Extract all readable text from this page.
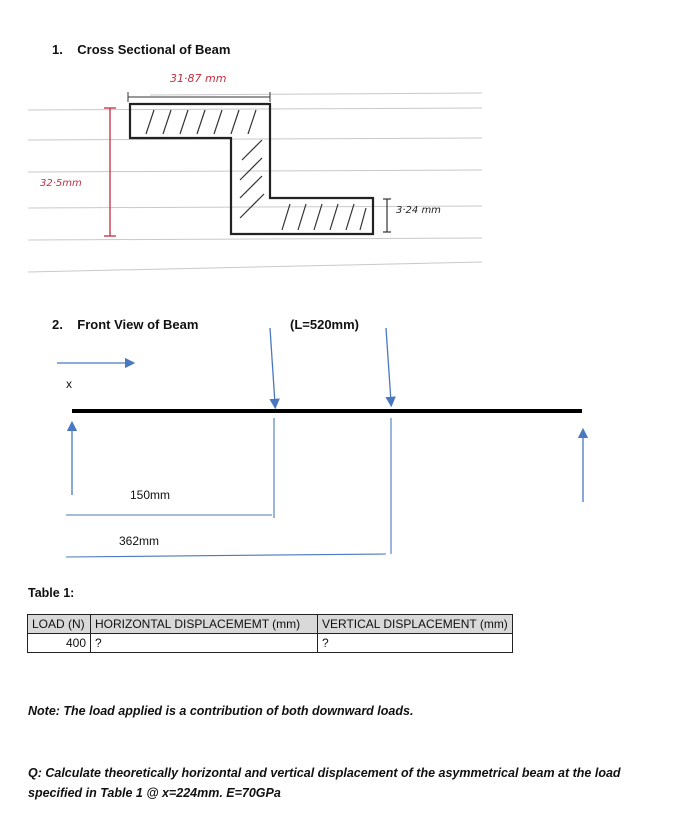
1. Cross Sectional of Beam
31·87 mm
32·5mm
3·24 mm
2. Front View of Beam	(L=520mm)
x
150mm
362mm
Table 1:
LOAD (N)	HORIZONTAL DISPLACEMEMT (mm)	VERTICAL DISPLACEMENT (mm)
400	?	?
Note: The load applied is a contribution of both downward loads.
Q: Calculate theoretically horizontal and vertical displacement of the asymmetrical beam at the load specified in Table 1 @ x=224mm. E=70GPa
